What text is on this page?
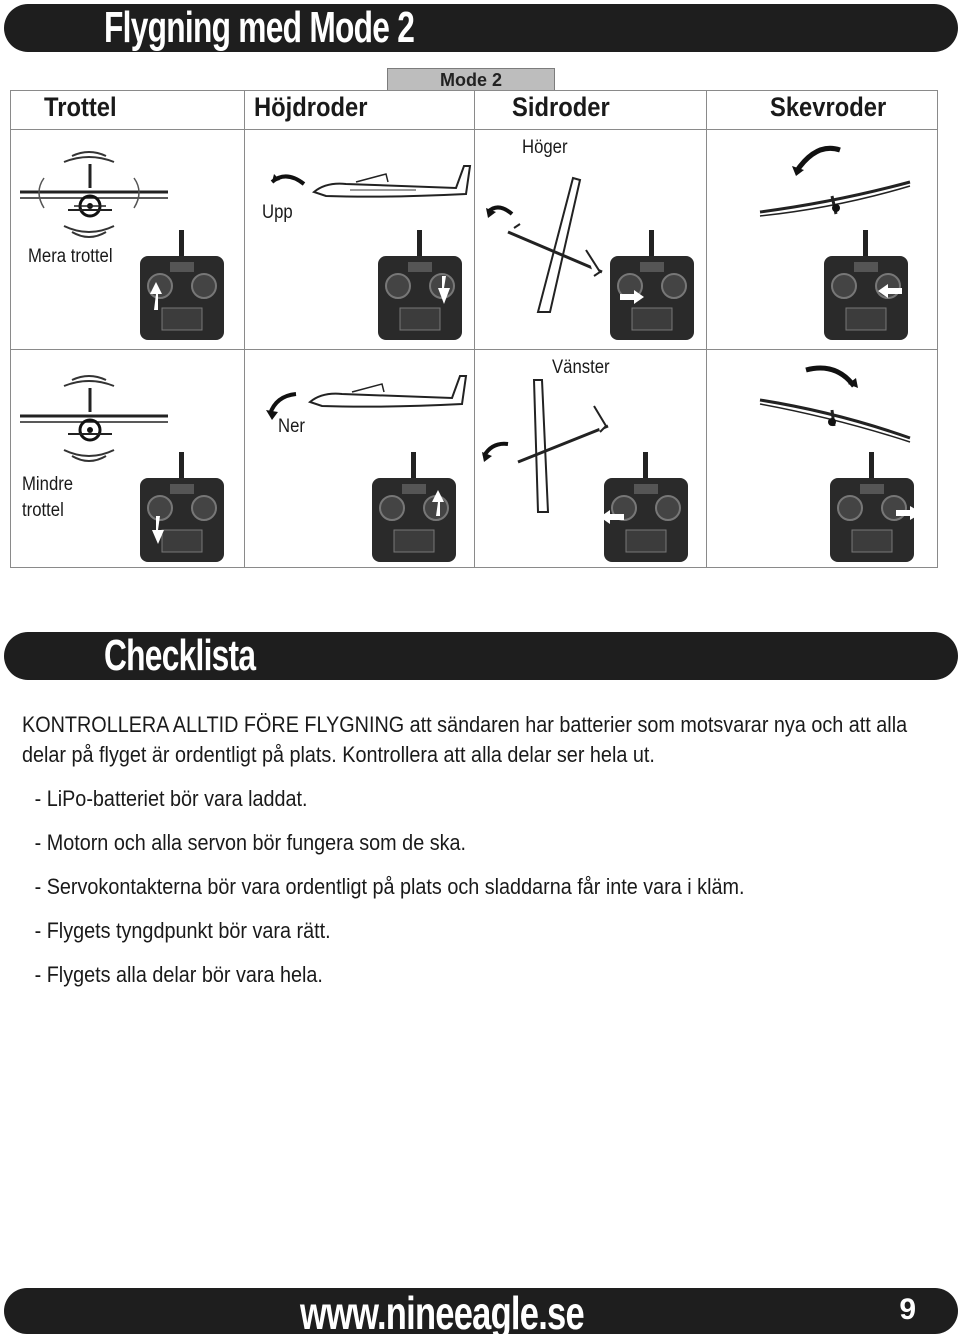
Flygning med Mode 2
Mode 2
Trottel	Höjdroder	Sidroder	Skevroder
Mera trottel
Upp
Höger
Mindre trottel
Ner
Vänster
Checklista

KONTROLLERA ALLTID FÖRE FLYGNING att sändaren har batterier som motsvarar nya och att alla delar på flyget är ordentligt på plats. Kontrollera att alla delar ser hela ut.

- LiPo-batteriet bör vara laddat.

- Motorn och alla servon bör fungera som de ska.

- Servokontakterna bör vara ordentligt på plats och sladdarna får inte vara i kläm.

- Flygets tyngdpunkt bör vara rätt.

- Flygets alla delar bör vara hela.

www.nineeagle.se	9
